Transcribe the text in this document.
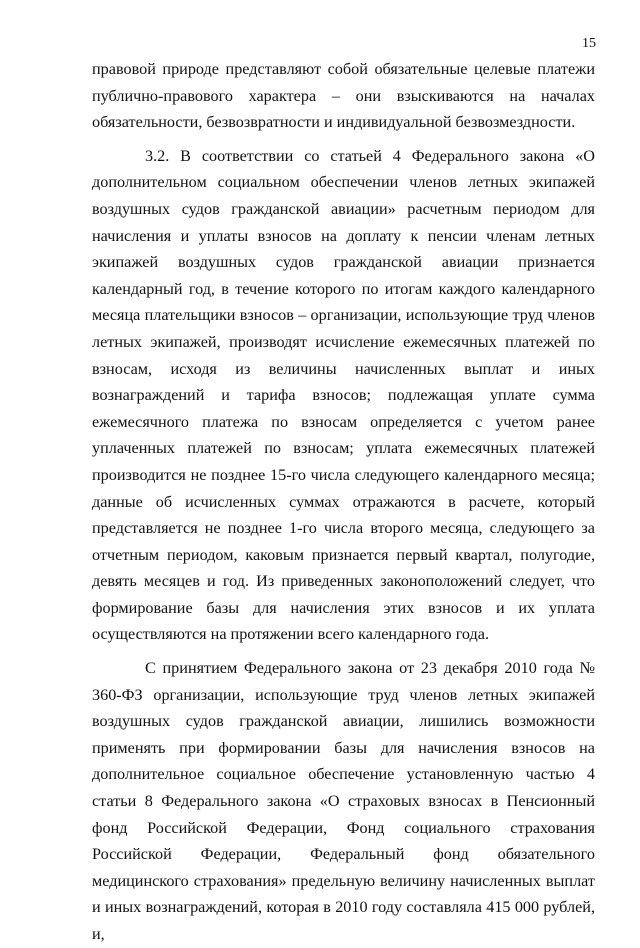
15

правовой природе представляют собой обязательные целевые платежи публично-правового характера – они взыскиваются на началах обязательности, безвозвратности и индивидуальной безвозмездности.

3.2. В соответствии со статьей 4 Федерального закона «О дополнительном социальном обеспечении членов летных экипажей воздушных судов гражданской авиации» расчетным периодом для начисления и уплаты взносов на доплату к пенсии членам летных экипажей воздушных судов гражданской авиации признается календарный год, в течение которого по итогам каждого календарного месяца плательщики взносов – организации, использующие труд членов летных экипажей, производят исчисление ежемесячных платежей по взносам, исходя из величины начисленных выплат и иных вознаграждений и тарифа взносов; подлежащая уплате сумма ежемесячного платежа по взносам определяется с учетом ранее уплаченных платежей по взносам; уплата ежемесячных платежей производится не позднее 15-го числа следующего календарного месяца; данные об исчисленных суммах отражаются в расчете, который представляется не позднее 1-го числа второго месяца, следующего за отчетным периодом, каковым признается первый квартал, полугодие, девять месяцев и год. Из приведенных законоположений следует, что формирование базы для начисления этих взносов и их уплата осуществляются на протяжении всего календарного года.

С принятием Федерального закона от 23 декабря 2010 года № 360-ФЗ организации, использующие труд членов летных экипажей воздушных судов гражданской авиации, лишились возможности применять при формировании базы для начисления взносов на дополнительное социальное обеспечение установленную частью 4 статьи 8 Федерального закона «О страховых взносах в Пенсионный фонд Российской Федерации, Фонд социального страхования Российской Федерации, Федеральный фонд обязательного медицинского страхования» предельную величину начисленных выплат и иных вознаграждений, которая в 2010 году составляла 415 000 рублей, и,
